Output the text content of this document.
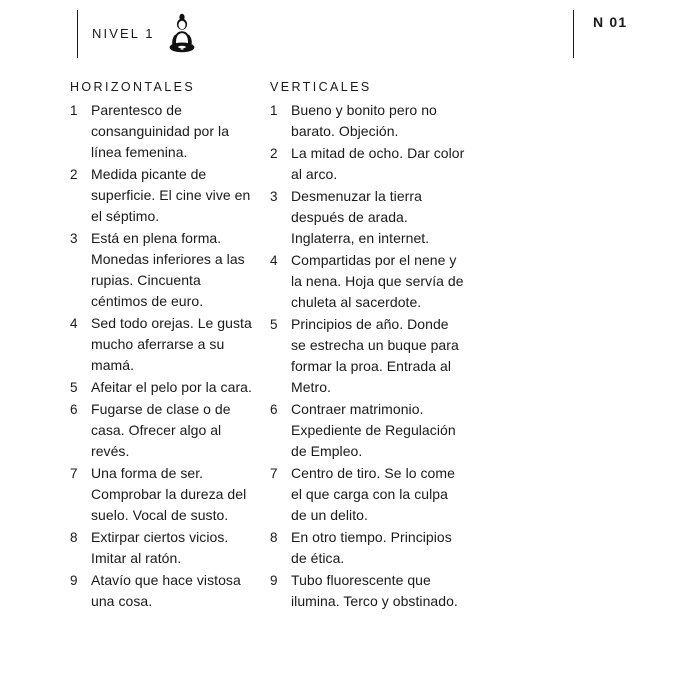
NIVEL 1
N 01
HORIZONTALES
1 Parentesco de consanguinidad por la línea femenina.
2 Medida picante de superficie. El cine vive en el séptimo.
3 Está en plena forma. Monedas inferiores a las rupias. Cincuenta céntimos de euro.
4 Sed todo orejas. Le gusta mucho aferrarse a su mamá.
5 Afeitar el pelo por la cara.
6 Fugarse de clase o de casa. Ofrecer algo al revés.
7 Una forma de ser. Comprobar la dureza del suelo. Vocal de susto.
8 Extirpar ciertos vicios. Imitar al ratón.
9 Atavío que hace vistosa una cosa.
VERTICALES
1 Bueno y bonito pero no barato. Objeción.
2 La mitad de ocho. Dar color al arco.
3 Desmenuzar la tierra después de arada. Inglaterra, en internet.
4 Compartidas por el nene y la nena. Hoja que servía de chuleta al sacerdote.
5 Principios de año. Donde se estrecha un buque para formar la proa. Entrada al Metro.
6 Contraer matrimonio. Expediente de Regulación de Empleo.
7 Centro de tiro. Se lo come el que carga con la culpa de un delito.
8 En otro tiempo. Principios de ética.
9 Tubo fluorescente que ilumina. Terco y obstinado.
